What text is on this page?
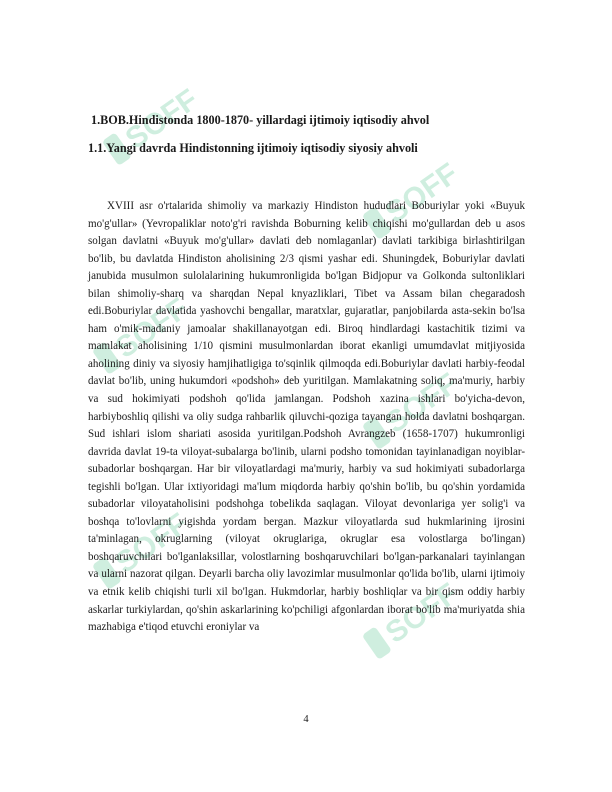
SOFF
SOFF
SOFF
SOFF
SOFF
SOFF
1.BOB.Hindistonda 1800-1870- yillardagi ijtimoiy iqtisodiy ahvol
1.1.Yangi davrda Hindistonning ijtimoiy iqtisodiy siyosiy ahvoli

XVIII asr o'rtalarida shimoliy va markaziy Hindiston hududlari Boburiylar yoki «Buyuk mo'g'ullar» (Yevropaliklar noto'g'ri ravishda Boburning kelib chiqishi mo'gullardan deb u asos solgan davlatni «Buyuk mo'g'ullar» davlati deb nomlaganlar) davlati tarkibiga birlashtirilgan bo'lib, bu davlatda Hindiston aholisining 2/3 qismi yashar edi. Shuningdek, Boburiylar davlati janubida musulmon sulolalarining hukumronligida bo'lgan Bidjopur va Golkonda sultonliklari bilan shimoliy-sharq va sharqdan Nepal knyazliklari, Tibet va Assam bilan chegaradosh edi.Boburiylar davlatida yashovchi bengallar, maratxlar, gujaratlar, panjobilarda asta-sekin bo'lsa ham o'mik-madaniy jamoalar shakillanayotgan edi. Biroq hindlardagi kastachitik tizimi va mamlakat aholisining 1/10 qismini musulmonlardan iborat ekanligi umumdavlat mitjiyosida aholining diniy va siyosiy hamjihatligiga to'sqinlik qilmoqda edi.Boburiylar davlati harbiy-feodal davlat bo'lib, uning hukumdori «podshoh» deb yuritilgan. Mamlakatning soliq, ma'muriy, harbiy va sud hokimiyati podshoh qo'lida jamlangan. Podshoh xazina ishlari bo'yicha-devon, harbiyboshliq qilishi va oliy sudga rahbarlik qiluvchi-qoziga tayangan holda davlatni boshqargan. Sud ishlari islom shariati asosida yuritilgan.Podshoh Avrangzeb (1658-1707) hukumronligi davrida davlat 19-ta viloyat-subalarga bo'linib, ularni podsho tomonidan tayinlanadigan noyiblar-subadorlar boshqargan. Har bir viloyatlardagi ma'muriy, harbiy va sud hokimiyati subadorlarga tegishli bo'lgan. Ular ixtiyoridagi ma'lum miqdorda harbiy qo'shin bo'lib, bu qo'shin yordamida subadorlar viloyataholisini podshohga tobelikda saqlagan. Viloyat devonlariga yer solig'i va boshqa to'lovlarni yigishda yordam bergan. Mazkur viloyatlarda sud hukmlarining ijrosini ta'minlagan, okruglarning (viloyat okruglariga, okruglar esa volostlarga bo'lingan) boshqaruvchilari bo'lganlaksillar, volostlarning boshqaruvchilari bo'lgan-parkanalari tayinlangan va ularni nazorat qilgan. Deyarli barcha oliy lavozimlar musulmonlar qo'lida bo'lib, ularni ijtimoiy va etnik kelib chiqishi turli xil bo'lgan. Hukmdorlar, harbiy boshliqlar va bir qism oddiy harbiy askarlar turkiylardan, qo'shin askarlarining ko'pchiligi afgonlardan iborat bo'lib ma'muriyatda shia mazhabiga e'tiqod etuvchi eroniylar va

4
